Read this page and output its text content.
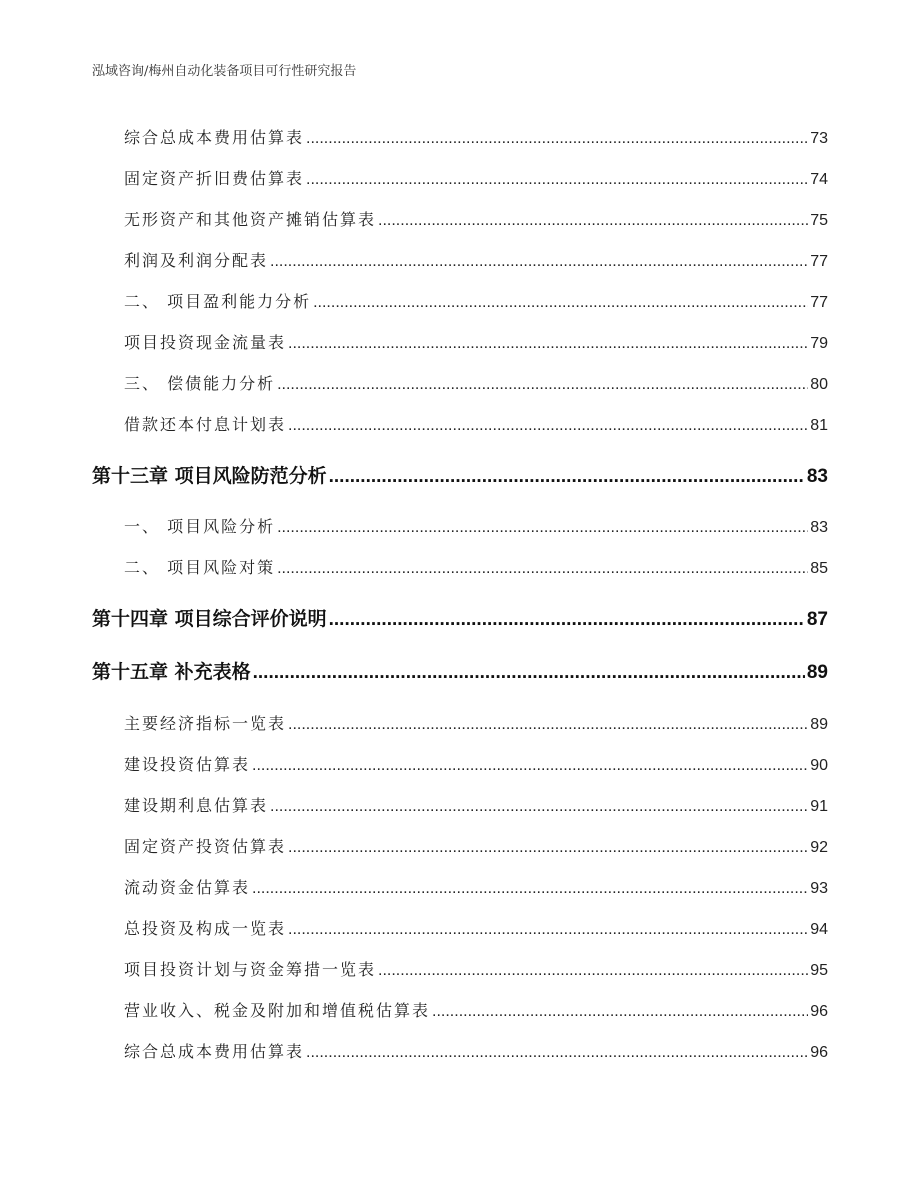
泓域咨询/梅州自动化装备项目可行性研究报告
综合总成本费用估算表 .....	73
固定资产折旧费估算表 .....	74
无形资产和其他资产摊销估算表 .....	75
利润及利润分配表 .....	77
二、 项目盈利能力分析 .....	77
项目投资现金流量表 .....	79
三、 偿债能力分析 .....	80
借款还本付息计划表 .....	81
第十三章 项目风险防范分析 .....	83
一、 项目风险分析 .....	83
二、 项目风险对策 .....	85
第十四章 项目综合评价说明 .....	87
第十五章 补充表格 .....	89
主要经济指标一览表 .....	89
建设投资估算表 .....	90
建设期利息估算表 .....	91
固定资产投资估算表 .....	92
流动资金估算表 .....	93
总投资及构成一览表 .....	94
项目投资计划与资金筹措一览表 .....	95
营业收入、税金及附加和增值税估算表 .....	96
综合总成本费用估算表 .....	96
